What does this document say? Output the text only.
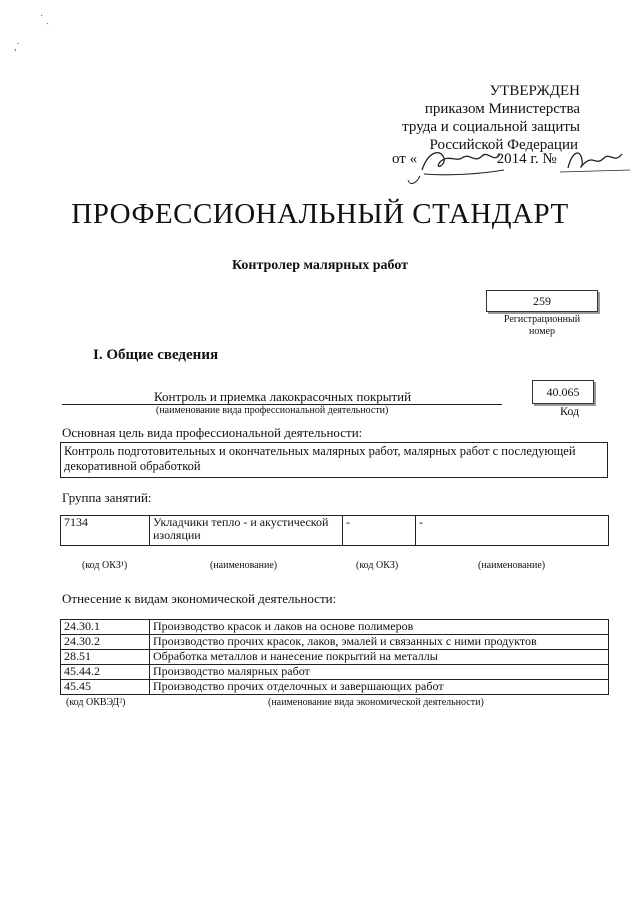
˙ ˎ
,˙
УТВЕРЖДЕН
приказом Министерства
труда и социальной защиты
Российской Федерации
от «	2014 г. №
ПРОФЕССИОНАЛЬНЫЙ СТАНДАРТ
Контролер малярных работ
259
Регистрационный
номер
I. Общие сведения
Контроль и приемка лакокрасочных покрытий
(наименование вида профессиональной деятельности)
40.065
Код
Основная цель вида профессиональной деятельности:
Контроль подготовительных и окончательных малярных работ, малярных работ с последующей декоративной обработкой
Группа занятий:
7134	Укладчики тепло - и акустической изоляции	-	-
(код ОКЗ¹)	(наименование)	(код ОКЗ)	(наименование)
Отнесение к видам экономической деятельности:
24.30.1	Производство красок и лаков на основе полимеров
24.30.2	Производство прочих красок, лаков, эмалей и связанных с ними продуктов
28.51	Обработка металлов и нанесение покрытий на металлы
45.44.2	Производство малярных работ
45.45	Производство прочих отделочных и завершающих работ
(код ОКВЭД²)	(наименование вида экономической деятельности)
